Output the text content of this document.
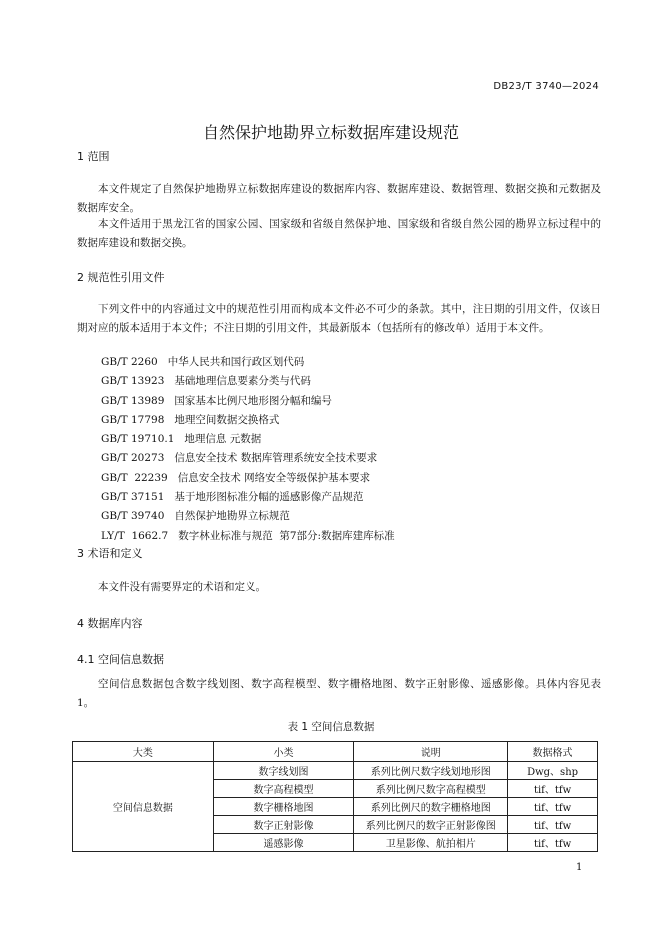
DB23/T 3740—2024
自然保护地勘界立标数据库建设规范
1 范围

本文件规定了自然保护地勘界立标数据库建设的数据库内容、数据库建设、数据管理、数据交换和元数据及数据库安全。

本文件适用于黑龙江省的国家公园、国家级和省级自然保护地、国家级和省级自然公园的勘界立标过程中的数据库建设和数据交换。

2 规范性引用文件

下列文件中的内容通过文中的规范性引用而构成本文件必不可少的条款。其中，注日期的引用文件，仅该日期对应的版本适用于本文件；不注日期的引用文件，其最新版本（包括所有的修改单）适用于本文件。

GB/T 2260   中华人民共和国行政区划代码
GB/T 13923   基础地理信息要素分类与代码
GB/T 13989   国家基本比例尺地形图分幅和编号
GB/T 17798   地理空间数据交换格式
GB/T 19710.1   地理信息 元数据
GB/T 20273   信息安全技术 数据库管理系统安全技术要求
GB/T  22239   信息安全技术 网络安全等级保护基本要求
GB/T 37151   基于地形图标准分幅的遥感影像产品规范
GB/T 39740   自然保护地勘界立标规范
LY/T  1662.7   数字林业标准与规范  第7部分:数据库建库标准
3 术语和定义

本文件没有需要界定的术语和定义。

4 数据库内容
4.1 空间信息数据

空间信息数据包含数字线划图、数字高程模型、数字栅格地图、数字正射影像、遥感影像。具体内容见表 1。

表 1 空间信息数据
大类	小类	说明	数据格式
空间信息数据	数字线划图	系列比例尺数字线划地形图	Dwg、shp
	数字高程模型	系列比例尺数字高程模型	tif、tfw
	数字栅格地图	系列比例尺的数字栅格地图	tif、tfw
	数字正射影像	系列比例尺的数字正射影像图	tif、tfw
	遥感影像	卫星影像、航拍相片	tif、tfw
1
